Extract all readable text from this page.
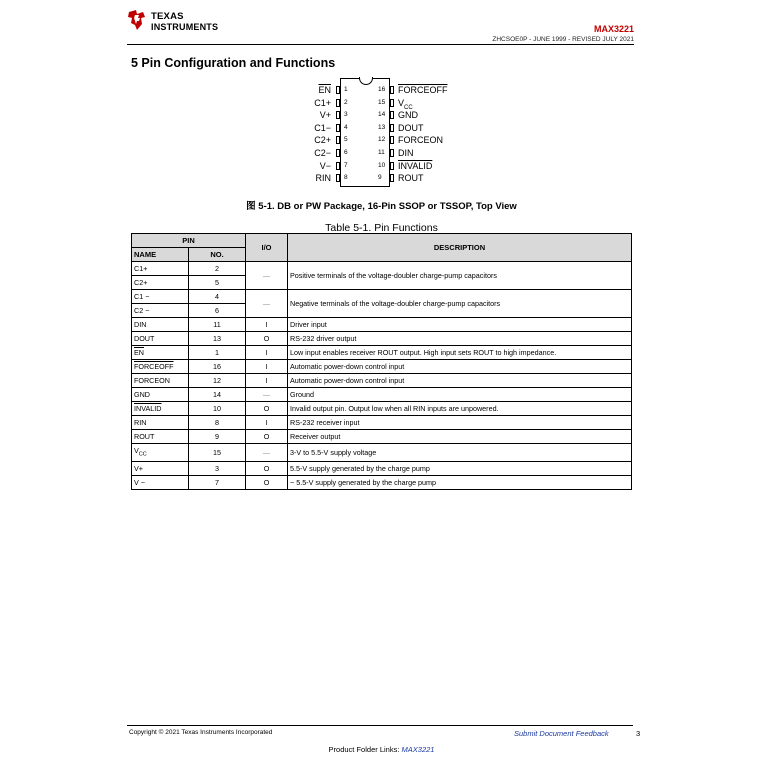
TEXAS
INSTRUMENTS	MAX3221
ZHCSOE0P - JUNE 1999 - REVISED JULY 2021
5 Pin Configuration and Functions
$\overline{EN}$ 1
C1+ 2
V+ 3
C1− 4
C2+ 5
C2− 6
V− 7
RIN 8
16 FORCEOFF
15 $V_{CC}$
14 GND
13 DOUT
12 FORCEON
11 DIN
10 INVALID
9 ROUT
图 5-1. DB or PW Package, 16-Pin SSOP or TSSOP, Top View
Table 5-1. Pin Functions
PIN		I/O	DESCRIPTION
NAME	NO.		
C1+	2	—	Positive terminals of the voltage-doubler charge-pump capacitors
C2+	5		
C1 −	4	—	Negative terminals of the voltage-doubler charge-pump capacitors
C2 −	6		
DIN	11	I	Driver input
DOUT	13	O	RS-232 driver output
$\overline{EN}$	1	I	Low input enables receiver ROUT output. High input sets ROUT to high impedance.
FORCEOFF	16	I	Automatic power-down control input
FORCEON	12	I	Automatic power-down control input
GND	14	—	Ground
INVALID	10	O	Invalid output pin. Output low when all RIN inputs are unpowered.
RIN	8	I	RS-232 receiver input
ROUT	9	O	Receiver output
$V_{CC}$	15	—	3-V to 5.5-V supply voltage
V+	3	O	5.5-V supply generated by the charge pump
V −	7	O	− 5.5-V supply generated by the charge pump
Copyright © 2021 Texas Instruments Incorporated	Submit Document Feedback	3
Product Folder Links: MAX3221
